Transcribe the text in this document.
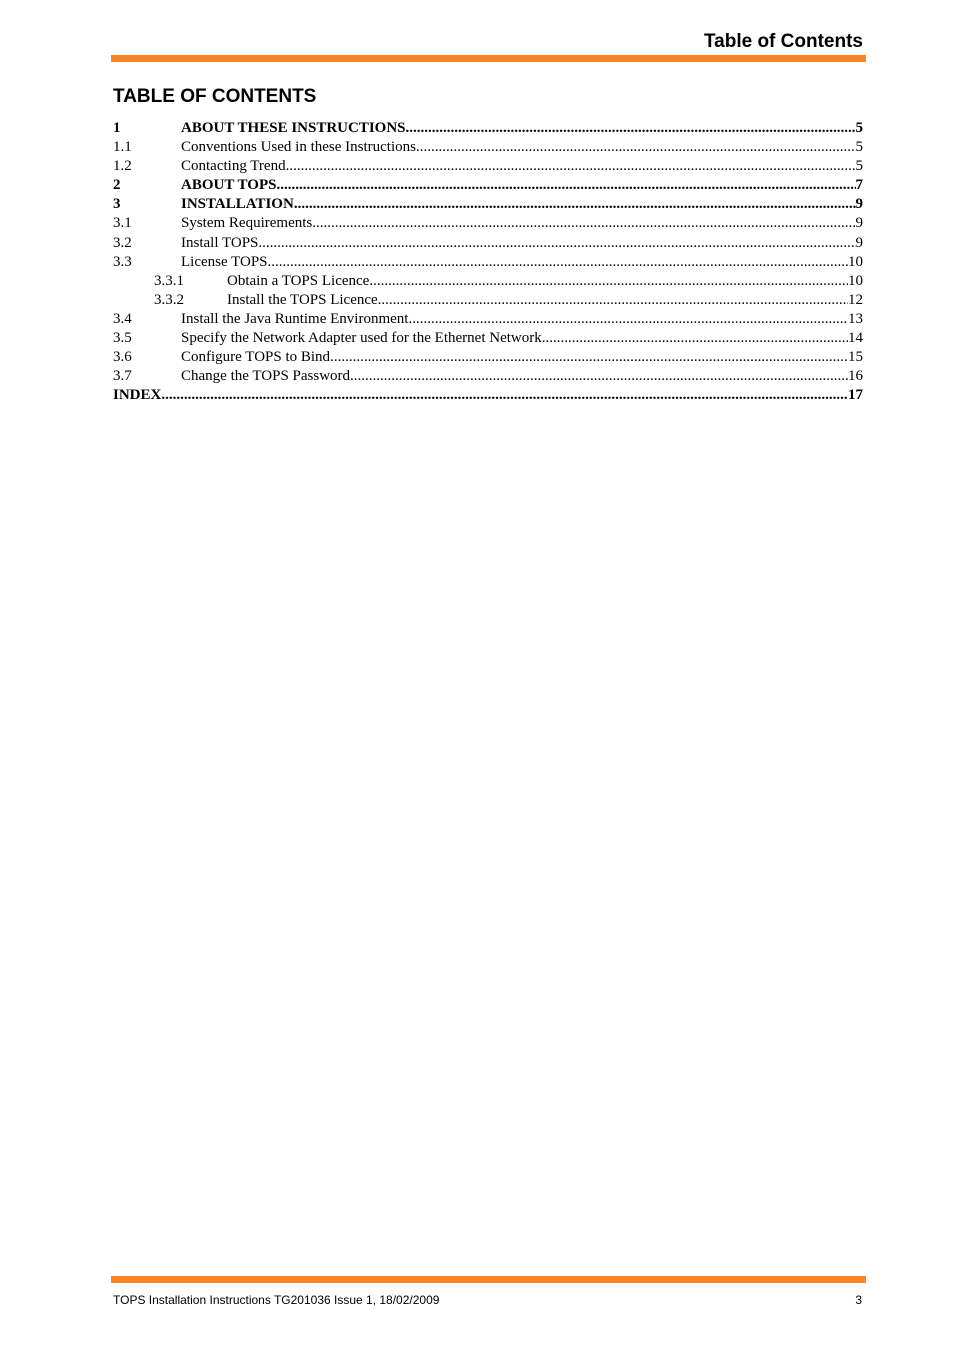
Table of Contents
TABLE OF CONTENTS
1	ABOUT THESE INSTRUCTIONS .....	5
1.1	Conventions Used in these Instructions .....	5
1.2	Contacting Trend .....	5
2	ABOUT TOPS .....	7
3	INSTALLATION .....	9
3.1	System Requirements .....	9
3.2	Install TOPS .....	9
3.3	License TOPS .....	10
3.3.1	Obtain a TOPS Licence .....	10
3.3.2	Install the TOPS Licence .....	12
3.4	Install the Java Runtime Environment .....	13
3.5	Specify the Network Adapter used for the Ethernet Network .....	14
3.6	Configure TOPS to Bind .....	15
3.7	Change the TOPS Password .....	16
INDEX .....	17
TOPS Installation Instructions TG201036 Issue 1, 18/02/2009	3
